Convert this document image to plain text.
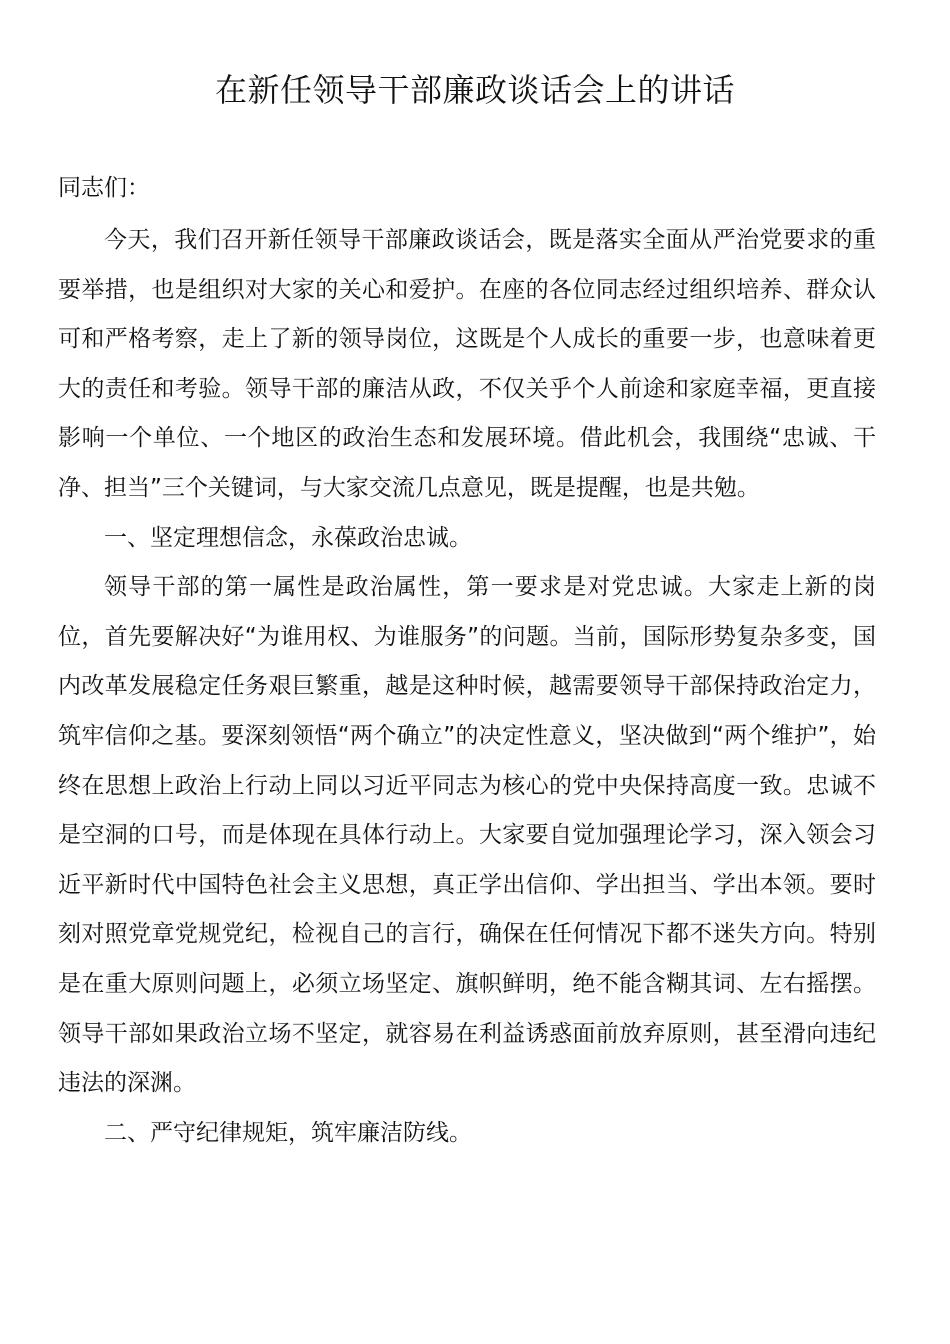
在新任领导干部廉政谈话会上的讲话

同志们：

今天，我们召开新任领导干部廉政谈话会，既是落实全面从严治党要求的重要举措，也是组织对大家的关心和爱护。在座的各位同志经过组织培养、群众认可和严格考察，走上了新的领导岗位，这既是个人成长的重要一步，也意味着更大的责任和考验。领导干部的廉洁从政，不仅关乎个人前途和家庭幸福，更直接影响一个单位、一个地区的政治生态和发展环境。借此机会，我围绕“忠诚、干净、担当”三个关键词，与大家交流几点意见，既是提醒，也是共勉。

一、坚定理想信念，永葆政治忠诚。

领导干部的第一属性是政治属性，第一要求是对党忠诚。大家走上新的岗位，首先要解决好“为谁用权、为谁服务”的问题。当前，国际形势复杂多变，国内改革发展稳定任务艰巨繁重，越是这种时候，越需要领导干部保持政治定力，筑牢信仰之基。要深刻领悟“两个确立”的决定性意义，坚决做到“两个维护”，始终在思想上政治上行动上同以习近平同志为核心的党中央保持高度一致。忠诚不是空洞的口号，而是体现在具体行动上。大家要自觉加强理论学习，深入领会习近平新时代中国特色社会主义思想，真正学出信仰、学出担当、学出本领。要时刻对照党章党规党纪，检视自己的言行，确保在任何情况下都不迷失方向。特别是在重大原则问题上，必须立场坚定、旗帜鲜明，绝不能含糊其词、左右摇摆。领导干部如果政治立场不坚定，就容易在利益诱惑面前放弃原则，甚至滑向违纪违法的深渊。

二、严守纪律规矩，筑牢廉洁防线。
